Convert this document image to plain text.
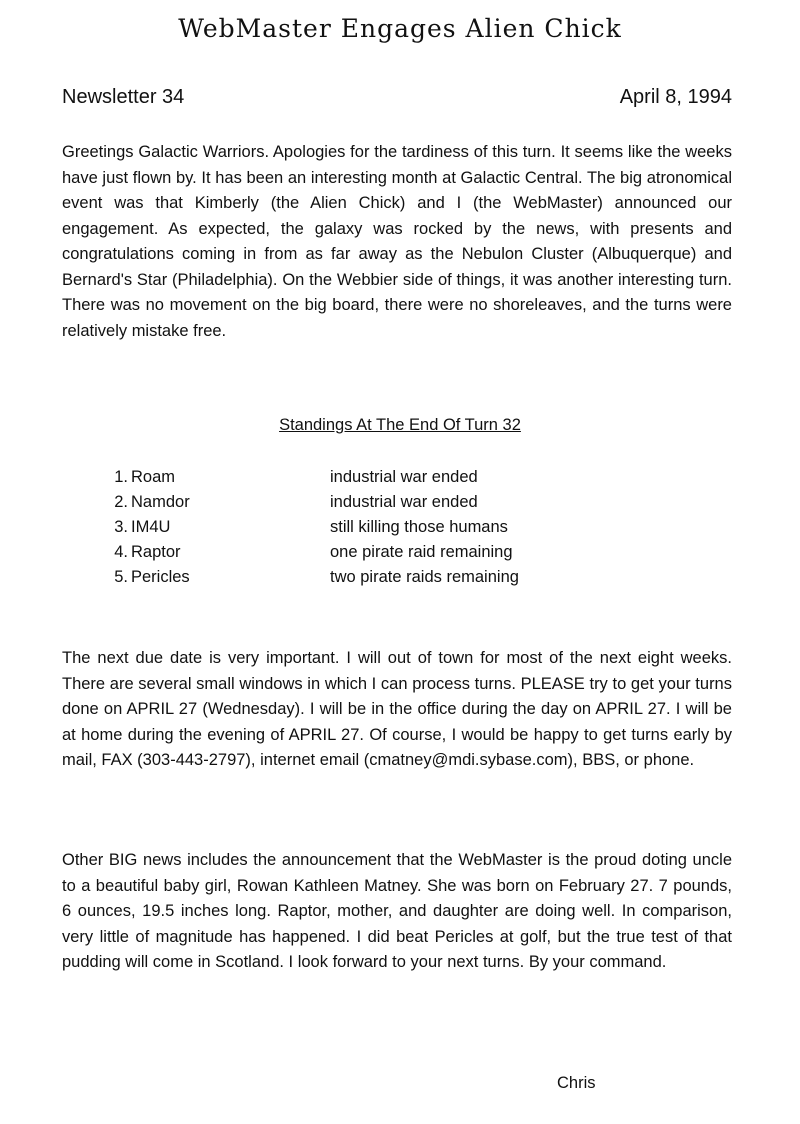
WebMaster Engages Alien Chick
Newsletter 34	April 8, 1994

Greetings Galactic Warriors. Apologies for the tardiness of this turn. It seems like the weeks have just flown by. It has been an interesting month at Galactic Central. The big atronomical event was that Kimberly (the Alien Chick) and I (the WebMaster) announced our engagement. As expected, the galaxy was rocked by the news, with presents and congratulations coming in from as far away as the Nebulon Cluster (Albuquerque) and Bernard's Star (Philadelphia). On the Webbier side of things, it was another interesting turn. There was no movement on the big board, there were no shoreleaves, and the turns were relatively mistake free.

Standings At The End Of Turn 32
1. Roam	industrial war ended
2. Namdor	industrial war ended
3. IM4U	still killing those humans
4. Raptor	one pirate raid remaining
5. Pericles	two pirate raids remaining

The next due date is very important. I will out of town for most of the next eight weeks. There are several small windows in which I can process turns. PLEASE try to get your turns done on APRIL 27 (Wednesday). I will be in the office during the day on APRIL 27. I will be at home during the evening of APRIL 27. Of course, I would be happy to get turns early by mail, FAX (303-443-2797), internet email (cmatney@mdi.sybase.com), BBS, or phone.

Other BIG news includes the announcement that the WebMaster is the proud doting uncle to a beautiful baby girl, Rowan Kathleen Matney. She was born on February 27. 7 pounds, 6 ounces, 19.5 inches long. Raptor, mother, and daughter are doing well. In comparison, very little of magnitude has happened. I did beat Pericles at golf, but the true test of that pudding will come in Scotland. I look forward to your next turns. By your command.

Chris
